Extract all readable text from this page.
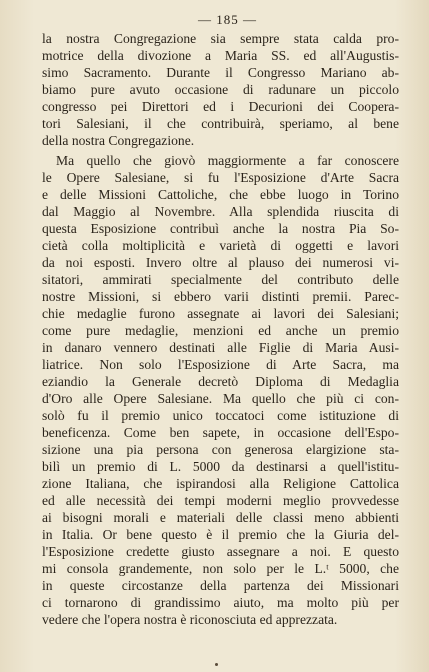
— 185 —
la nostra Congregazione sia sempre stata calda pro-
motrice della divozione a Maria SS. ed all'Augustis-
simo Sacramento. Durante il Congresso Mariano ab-
biamo pure avuto occasione di radunare un piccolo
congresso pei Direttori ed i Decurioni dei Coopera-
tori Salesiani, il che contribuirà, speriamo, al bene
della nostra Congregazione.
Ma quello che giovò maggiormente a far conoscere
le Opere Salesiane, si fu l'Esposizione d'Arte Sacra
e delle Missioni Cattoliche, che ebbe luogo in Torino
dal Maggio al Novembre. Alla splendida riuscita di
questa Esposizione contribuì anche la nostra Pia So-
cietà colla moltiplicità e varietà di oggetti e lavori
da noi esposti. Invero oltre al plauso dei numerosi vi-
sitatori, ammirati specialmente del contributo delle
nostre Missioni, si ebbero varii distinti premii. Parec-
chie medaglie furono assegnate ai lavori dei Salesiani;
come pure medaglie, menzioni ed anche un premio
in danaro vennero destinati alle Figlie di Maria Ausi-
liatrice. Non solo l'Esposizione di Arte Sacra, ma
eziandio la Generale decretò Diploma di Medaglia
d'Oro alle Opere Salesiane. Ma quello che più ci con-
solò fu il premio unico toccatoci come istituzione di
beneficenza. Come ben sapete, in occasione dell'Espo-
sizione una pia persona con generosa elargizione sta-
bilì un premio di L. 5000 da destinarsi a quell'istitu-
zione Italiana, che ispirandosi alla Religione Cattolica
ed alle necessità dei tempi moderni meglio provvedesse
ai bisogni morali e materiali delle classi meno abbienti
in Italia. Or bene questo è il premio che la Giuria del-
l'Esposizione credette giusto assegnare a noi. E questo
mi consola grandemente, non solo per le L.ᵗ 5000, che
in queste circostanze della partenza dei Missionari
ci tornarono di grandissimo aiuto, ma molto più per
vedere che l'opera nostra è riconosciuta ed apprezzata.
